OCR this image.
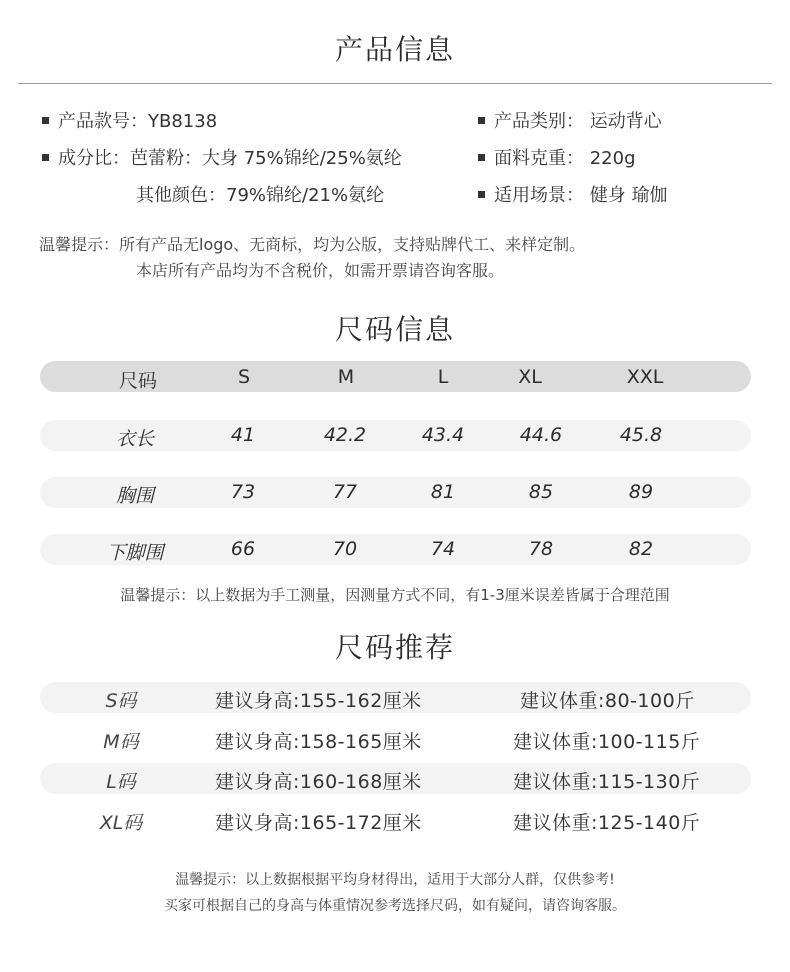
产品信息
产品款号：YB8138
成分比：芭蕾粉：大身 75%锦纶/25%氨纶
其他颜色：79%锦纶/21%氨纶
产品类别： 运动背心
面料克重： 220g
适用场景： 健身 瑜伽
温馨提示：所有产品无logo、无商标，均为公版，支持贴牌代工、来样定制。
本店所有产品均为不含税价，如需开票请咨询客服。
尺码信息
尺码	S	M	L	XL	XXL
衣长	41	42.2	43.4	44.6	45.8
胸围	73	77	81	85	89
下脚围	66	70	74	78	82
温馨提示：以上数据为手工测量，因测量方式不同，有1-3厘米误差皆属于合理范围
尺码推荐
S码	建议身高:155-162厘米	建议体重:80-100斤
M码	建议身高:158-165厘米	建议体重:100-115斤
L码	建议身高:160-168厘米	建议体重:115-130斤
XL码	建议身高:165-172厘米	建议体重:125-140斤
温馨提示：以上数据根据平均身材得出，适用于大部分人群，仅供参考!
买家可根据自己的身高与体重情况参考选择尺码，如有疑问，请咨询客服。
